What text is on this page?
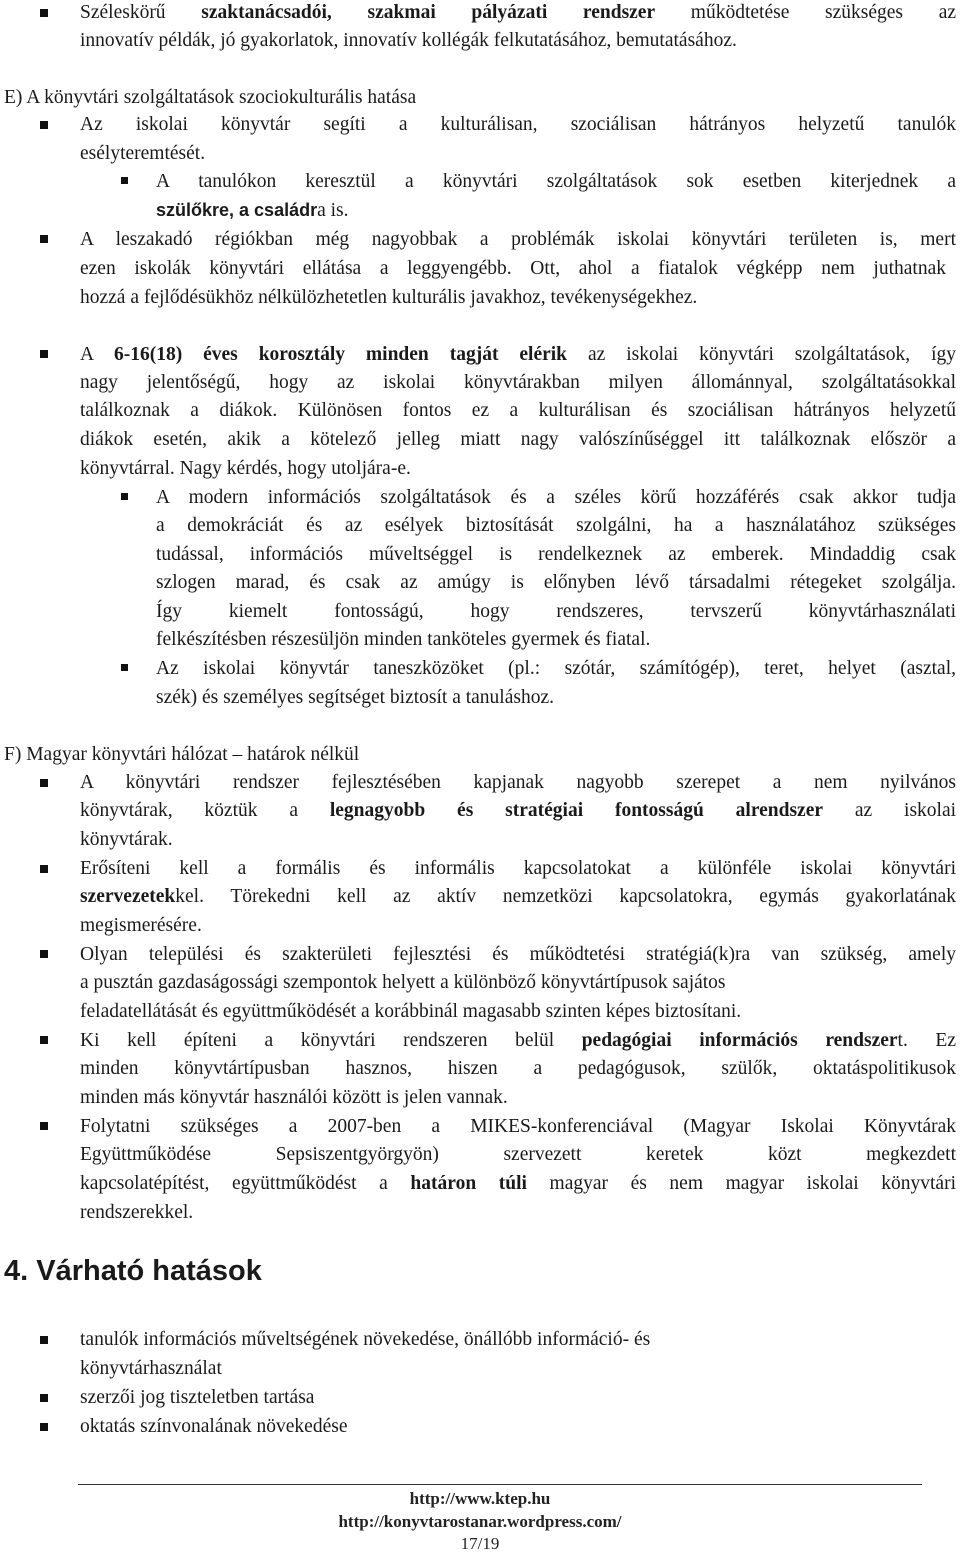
Széleskörű szaktanácsadói, szakmai pályázati rendszer működtetése szükséges az
innovatív példák, jó gyakorlatok, innovatív kollégák felkutatásához, bemutatásához.
E) A könyvtári szolgáltatások szociokulturális hatása
Az iskolai könyvtár segíti a kulturálisan, szociálisan hátrányos helyzetű tanulók
esélyteremtését.
A tanulókon keresztül a könyvtári szolgáltatások sok esetben kiterjednek a
szülőkre, a családra is.
A leszakadó régiókban még nagyobbak a problémák iskolai könyvtári területen is, mert
ezen iskolák könyvtári ellátása a leggyengébb. Ott, ahol a fiatalok végképp nem juthatnak
hozzá a fejlődésükhöz nélkülözhetetlen kulturális javakhoz, tevékenységekhez.
A 6-16(18) éves korosztály minden tagját elérik az iskolai könyvtári szolgáltatások, így
nagy jelentőségű, hogy az iskolai könyvtárakban milyen állománnyal, szolgáltatásokkal
találkoznak a diákok. Különösen fontos ez a kulturálisan és szociálisan hátrányos helyzetű
diákok esetén, akik a kötelező jelleg miatt nagy valószínűséggel itt találkoznak először a
könyvtárral. Nagy kérdés, hogy utoljára-e.
A modern információs szolgáltatások és a széles körű hozzáférés csak akkor tudja
a demokráciát és az esélyek biztosítását szolgálni, ha a használatához szükséges
tudással, információs műveltséggel is rendelkeznek az emberek. Mindaddig csak
szlogen marad, és csak az amúgy is előnyben lévő társadalmi rétegeket szolgálja.
Így kiemelt fontosságú, hogy rendszeres, tervszerű könyvtárhasználati
felkészítésben részesüljön minden tanköteles gyermek és fiatal.
Az iskolai könyvtár taneszközöket (pl.: szótár, számítógép), teret, helyet (asztal,
szék) és személyes segítséget biztosít a tanuláshoz.
F) Magyar könyvtári hálózat – határok nélkül
A könyvtári rendszer fejlesztésében kapjanak nagyobb szerepet a nem nyilvános
könyvtárak, köztük a legnagyobb és stratégiai fontosságú alrendszer az iskolai
könyvtárak.
Erősíteni kell a formális és informális kapcsolatokat a különféle iskolai könyvtári
szervezetekkel. Törekedni kell az aktív nemzetközi kapcsolatokra, egymás gyakorlatának
megismerésére.
Olyan települési és szakterületi fejlesztési és működtetési stratégiá(k)ra van szükség, amely
a pusztán gazdaságossági szempontok helyett a különböző könyvtártípusok sajátos
feladatellátását és együttműködését a korábbinál magasabb szinten képes biztosítani.
Ki kell építeni a könyvtári rendszeren belül pedagógiai információs rendszert. Ez
minden könyvtártípusban hasznos, hiszen a pedagógusok, szülők, oktatáspolitikusok
minden más könyvtár használói között is jelen vannak.
Folytatni szükséges a 2007-ben a MIKES-konferenciával (Magyar Iskolai Könyvtárak
Együttműködése Sepsiszentgyörgyön) szervezett keretek közt megkezdett
kapcsolatépítést, együttműködést a határon túli magyar és nem magyar iskolai könyvtári
rendszerekkel.
4. Várható hatások
tanulók információs műveltségének növekedése, önállóbb információ- és
könyvtárhasználat
szerzői jog tiszteletben tartása
oktatás színvonalának növekedése
http://www.ktep.hu
http://konyvtarostanar.wordpress.com/
17/19
